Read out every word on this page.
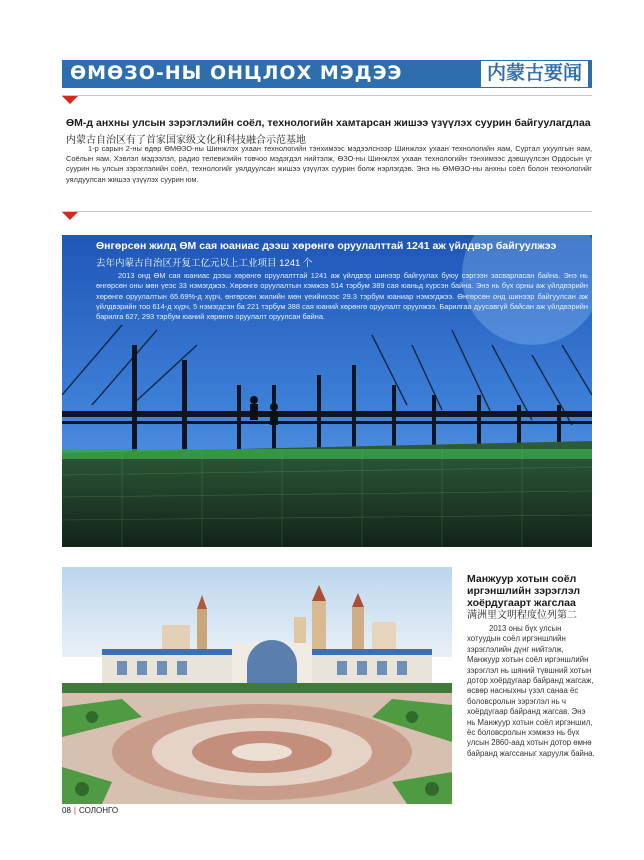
ӨМӨЗО-НЫ ОНЦЛОХ МЭДЭЭ	内蒙古要闻
ӨМ-д анхны улсын зэрэглэлийн соёл, технологийн хамтарсан жишээ үзүүлэх суурин байгуулагдлаа
内蒙古自治区有了首家国家级文化和科技融合示范基地

1-р сарын 2-ны өдөр ӨМӨЗО-ны Шинжлэх ухаан технологийн тэнхимээс мэдээлснээр Шинжлэх ухаан технологийн яам, Суртал ухуулгын яам, Соёлын яам, Хэвлэл мэдээлэл, радио телевизийн товчоо мэдэгдэл нийтэлж, ӨЗО-ны Шинжлэх ухаан технологийн тэнхимээс дэвшүүлсэн Ордосын үг суурин нь улсын зэрэглэлийн соёл, технологийг уялдуулсан жишээ үзүүлэх суурин болж нэрлэгдэв. Энэ нь ӨМӨЗО-ны анхны соёл болон технологийг уялдуулсан жишээ үзүүлэх суурин юм.

Өнгөрсөн жилд ӨМ сая юаниас дээш хөрөнгө оруулалттай 1241 аж үйлдвэр байгуулжээ
去年内蒙古自治区开复工亿元以上工业项目 1241 个

2013 онд ӨМ сая юаниас дээш хөрөнгө оруулалттай 1241 аж үйлдвэр шинээр байгуулах буюу сэргээн засварласан байна. Энэ нь өнгөрсөн оны мөн үеэс 33 нэмэгджээ. Хөрөнгө оруулалтын хэмжээ 514 тэрбум 389 сая юаньд хүрсэн байна. Энэ нь бүх орны аж үйлдвэрийн хөрөнгө оруулалтын 65.69%-д хүрч, өнгөрсөн жилийн мөн үеийнхээс 29.3 тэрбум юаниар нэмэгджээ. Өнгөрсөн онд шинээр байгуулсан аж үйлдвэрийн тоо 614-д хүрч, 5 нэмэгдсэн ба 221 тэрбум 388 сая юаний хөрөнгө оруулалт оруулжээ. Барилгаа дуусавгүй байсан аж үйлдвэрийн барилга 627, 293 тэрбум юаний хөрөнгө оруулалт оруулсан байна.

Манжуур хотын соёл иргэншлийн зэрэглэл хоёрдугаарт жагслаа
满洲里文明程度位列第二

2013 оны бүх улсын хотуудын соёл иргэншлийн зэрэглэлийн дүнг нийтэлж, Манжуур хотын соёл иргэншлийн зэрэглэл нь шяний түвшний хотын дотор хоёрдугаар байранд жагсаж, өсвөр насныхны үзэл санаа ёс боловсролын зэрэглэл нь ч хоёрдугаар байранд жагсав. Энэ нь Манжуур хотын соёл иргэншил, ёс боловсролын хэмжээ нь бүх улсын 2860-аад хотын дотор өмнө байранд жагссаныг харуулж байна.

08 | СОЛОНГО
